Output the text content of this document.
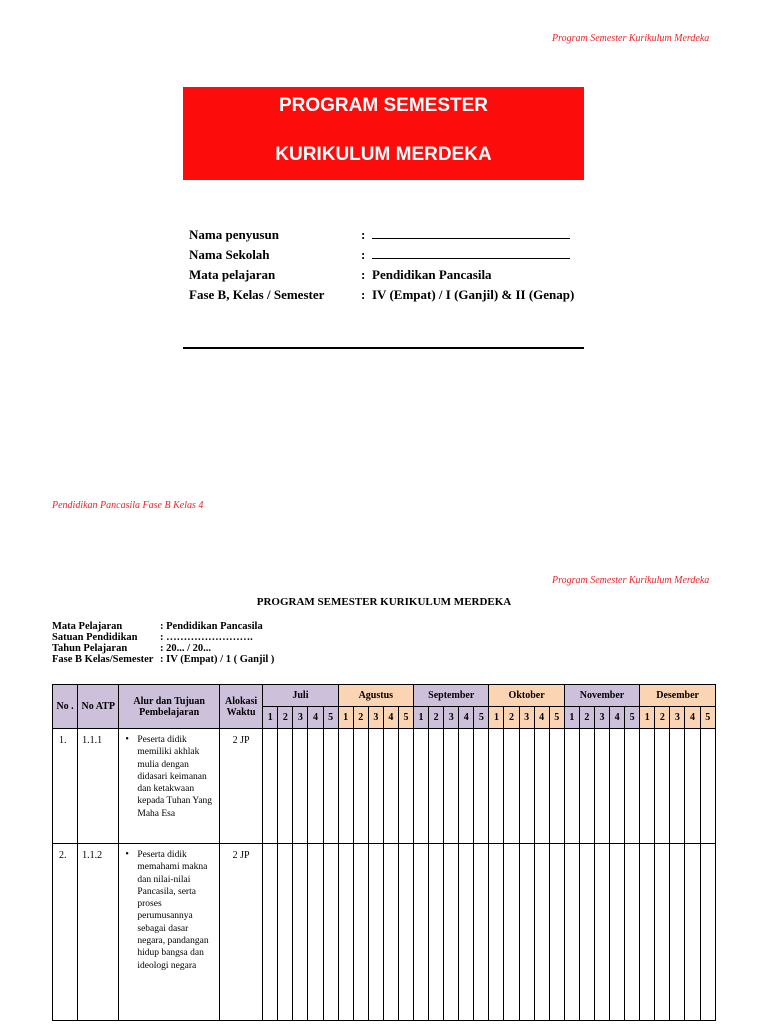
Program Semester Kurikulum Merdeka
PROGRAM SEMESTER
KURIKULUM MERDEKA
Nama penyusun	:
Nama Sekolah	:
Mata pelajaran	: Pendidikan Pancasila
Fase B, Kelas / Semester	: IV (Empat) / I (Ganjil) & II (Genap)
Pendidikan Pancasila Fase B Kelas 4
Program Semester Kurikulum Merdeka
PROGRAM SEMESTER KURIKULUM MERDEKA
Mata Pelajaran	: Pendidikan Pancasila
Satuan Pendidikan : …………………….
Tahun Pelajaran	: 20... / 20...
Fase B Kelas/Semester : IV (Empat) / 1 ( Ganjil )
No .	No ATP	Alur dan Tujuan Pembelajaran	Alokasi Waktu	Juli					Agustus					September					Oktober					November					Desember				
				1	2	3	4	5	1	2	3	4	5	1	2	3	4	5	1	2	3	4	5	1	2	3	4	5	1	2	3	4	5
1.	1.1.1	• Peserta didik memiliki akhlak mulia dengan didasari keimanan dan ketakwaan kepada Tuhan Yang Maha Esa	2 JP																														
2.	1.1.2	• Peserta didik memahami makna dan nilai-nilai Pancasila, serta proses perumusannya sebagai dasar negara, pandangan hidup bangsa dan ideologi negara	2 JP																														
